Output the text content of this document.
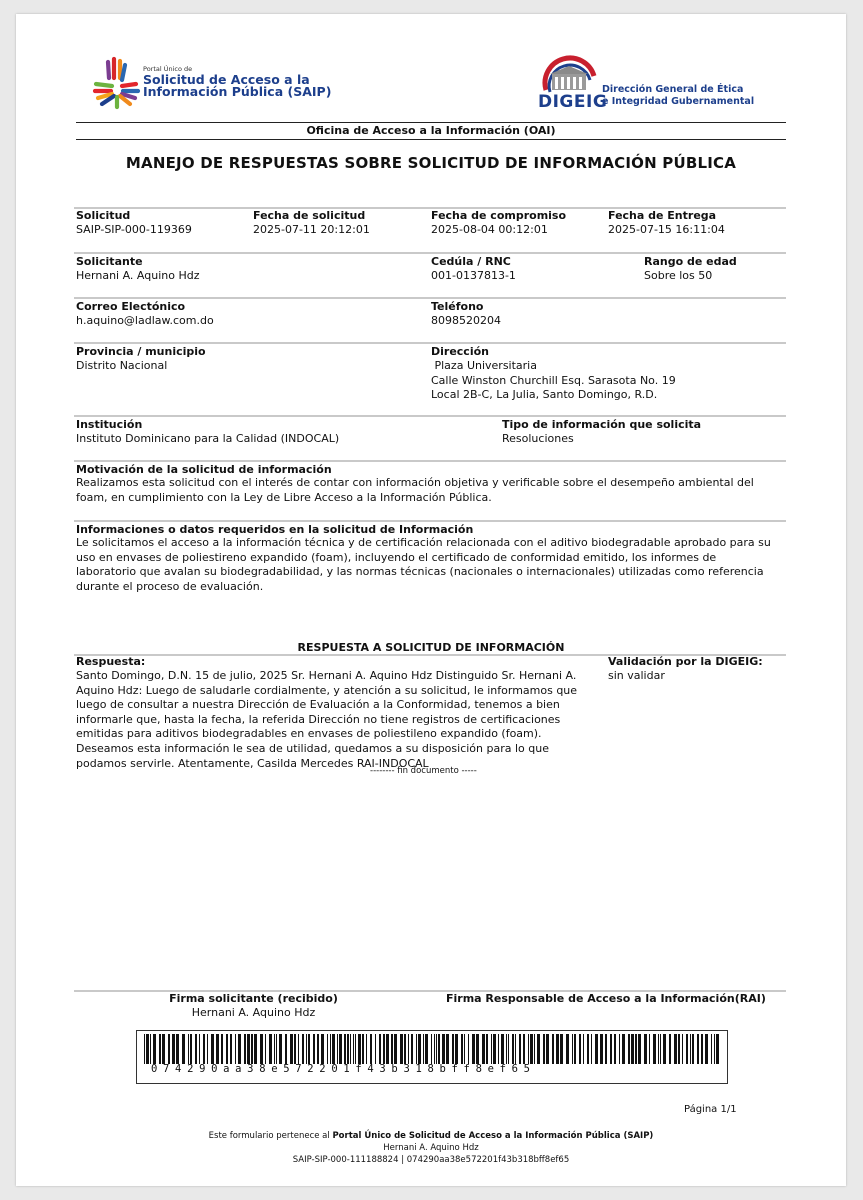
Portal Único de
Solicitud de Acceso a la
Información Pública (SAIP)
DIGEIG
Dirección General de Ética
e Integridad Gubernamental
Oficina de Acceso a la Información (OAI)
MANEJO DE RESPUESTAS SOBRE SOLICITUD DE INFORMACIÓN PÚBLICA
Solicitud
SAIP-SIP-000-119369
Fecha de solicitud
2025-07-11 20:12:01
Fecha de compromiso
2025-08-04 00:12:01
Fecha de Entrega
2025-07-15 16:11:04
Solicitante
Hernani A. Aquino Hdz
Cedúla / RNC
001-0137813-1
Rango de edad
Sobre los 50
Correo Electónico
h.aquino@ladlaw.com.do
Teléfono
8098520204
Provincia / municipio
Distrito Nacional
Dirección
Plaza Universitaria
Calle Winston Churchill Esq. Sarasota No. 19
Local 2B-C, La Julia, Santo Domingo, R.D.
Institución
Instituto Dominicano para la Calidad (INDOCAL)
Tipo de información que solicita
Resoluciones
Motivación de la solicitud de información
Realizamos esta solicitud con el interés de contar con información objetiva y verificable sobre el desempeño ambiental del
foam, en cumplimiento con la Ley de Libre Acceso a la Información Pública.
Informaciones o datos requeridos en la solicitud de Información
Le solicitamos el acceso a la información técnica y de certificación relacionada con el aditivo biodegradable aprobado para su
uso en envases de poliestireno expandido (foam), incluyendo el certificado de conformidad emitido, los informes de
laboratorio que avalan su biodegradabilidad, y las normas técnicas (nacionales o internacionales) utilizadas como referencia
durante el proceso de evaluación.
RESPUESTA A SOLICITUD DE INFORMACIÓN
Respuesta:
Santo Domingo, D.N. 15 de julio, 2025 Sr. Hernani A. Aquino Hdz Distinguido Sr. Hernani A.
Aquino Hdz: Luego de saludarle cordialmente, y atención a su solicitud, le informamos que
luego de consultar a nuestra Dirección de Evaluación a la Conformidad, tenemos a bien
informarle que, hasta la fecha, la referida Dirección no tiene registros de certificaciones
emitidas para aditivos biodegradables en envases de poliestileno expandido (foam).
Deseamos esta información le sea de utilidad, quedamos a su disposición para lo que
podamos servirle. Atentamente, Casilda Mercedes RAI-INDOCAL
Validación por la DIGEIG:
sin validar
-------- fin documento -----
Firma solicitante (recibido)
Hernani A. Aquino Hdz
Firma Responsable de Acceso a la Información(RAI)
074290aa38e572201f43b318bff8ef65
Página 1/1
Este formulario pertenece al Portal Único de Solicitud de Acceso a la Información Pública (SAIP)
Hernani A. Aquino Hdz
SAIP-SIP-000-111188824 | 074290aa38e572201f43b318bff8ef65
